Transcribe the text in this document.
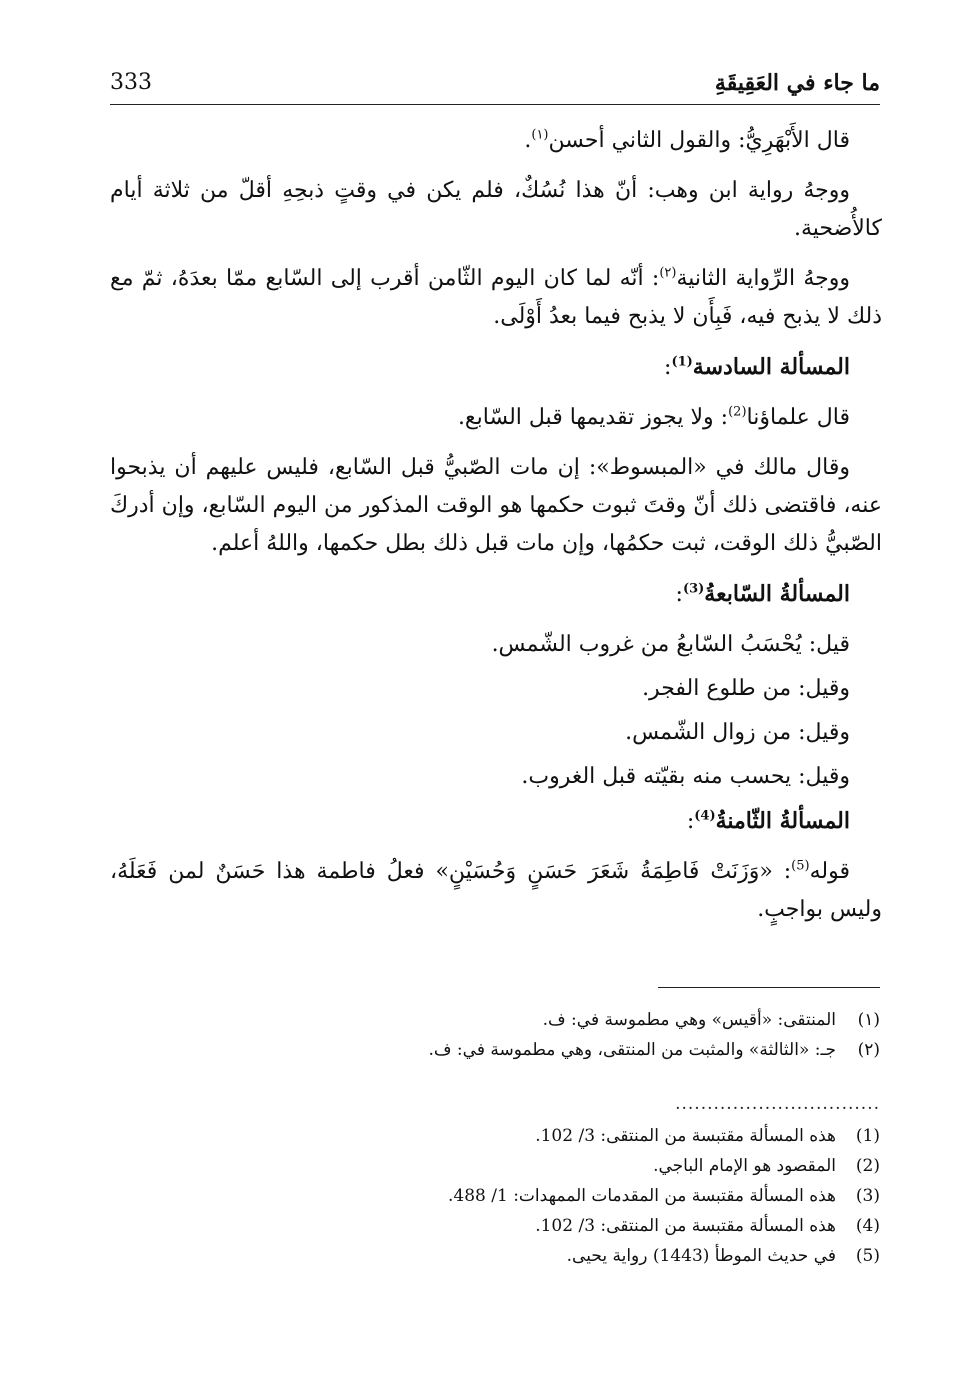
333	ما جاء في العَقِيقَةِ

قال الأَبْهَرِيُّ: والقول الثاني أحسن$^{(١)}$.

ووجهُ رواية ابن وهب: أنّ هذا نُسُكٌ، فلم يكن في وقتٍ ذبحِهِ أقلّ من ثلاثة أيام كالأُضحية.

ووجهُ الرِّواية الثانية$^{(٢)}$: أنّه لما كان اليوم الثّامن أقرب إلى السّابع ممّا بعدَهُ، ثمّ مع ذلك لا يذبح فيه، فَبِأَن لا يذبح فيما بعدُ أَوْلَى.

المسألة السادسة$^{(1)}$:

قال علماؤنا$^{(2)}$: ولا يجوز تقديمها قبل السّابع.

وقال مالك في «المبسوط»: إن مات الصّبيُّ قبل السّابع، فليس عليهم أن يذبحوا عنه، فاقتضى ذلك أنّ وقتَ ثبوت حكمها هو الوقت المذكور من اليوم السّابع، وإن أدركَ الصّبيُّ ذلك الوقت، ثبت حكمُها، وإن مات قبل ذلك بطل حكمها، واللهُ أعلم.

المسألةُ السّابعةُ$^{(3)}$:
قيل: يُحْسَبُ السّابعُ من غروب الشّمس.
وقيل: من طلوع الفجر.
وقيل: من زوال الشّمس.
وقيل: يحسب منه بقيّته قبل الغروب.
المسألةُ الثّامنةُ$^{(4)}$:

قوله$^{(5)}$: «وَزَنَتْ فَاطِمَةُ شَعَرَ حَسَنٍ وَحُسَيْنٍ» فعلُ فاطمة هذا حَسَنٌ لمن فَعَلَهُ، وليس بواجبٍ.

(١)
المنتقى: «أقيس» وهي مطموسة في: ف.
(٢)
جـ: «الثالثة» والمثبت من المنتقى، وهي مطموسة في: ف.
................................
(1)
هذه المسألة مقتبسة من المنتقى: 3/ 102.
(2)
المقصود هو الإمام الباجي.
(3)
هذه المسألة مقتبسة من المقدمات الممهدات: 1/ 488.
(4)
هذه المسألة مقتبسة من المنتقى: 3/ 102.
(5)
في حديث الموطأ (1443) رواية يحيى.
